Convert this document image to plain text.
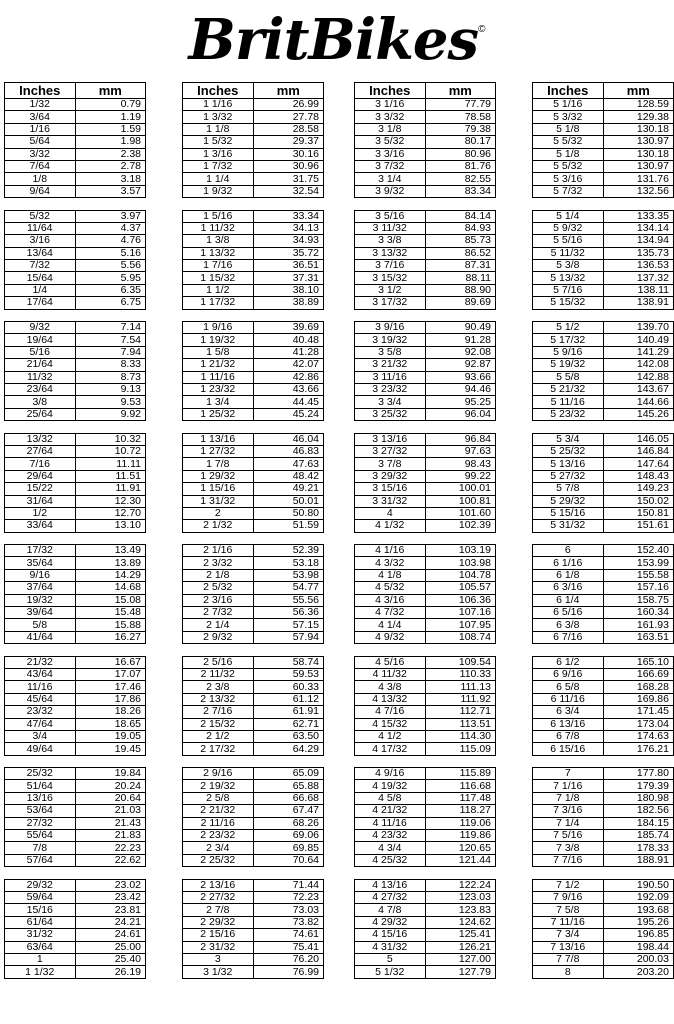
BritBikes$_©$
Inches	mm
1/32	0.79
3/64	1.19
1/16	1.59
5/64	1.98
3/32	2.38
7/64	2.78
1/8	3.18
9/64	3.57

5/32	3.97
11/64	4.37
3/16	4.76
13/64	5.16
7/32	5.56
15/64	5.95
1/4	6.35
17/64	6.75

9/32	7.14
19/64	7.54
5/16	7.94
21/64	8.33
11/32	8.73
23/64	9.13
3/8	9.53
25/64	9.92

13/32	10.32
27/64	10.72
7/16	11.11
29/64	11.51
15/22	11.91
31/64	12.30
1/2	12.70
33/64	13.10

17/32	13.49
35/64	13.89
9/16	14.29
37/64	14.68
19/32	15.08
39/64	15.48
5/8	15.88
41/64	16.27

21/32	16.67
43/64	17.07
11/16	17.46
45/64	17.86
23/32	18.26
47/64	18.65
3/4	19.05
49/64	19.45

25/32	19.84
51/64	20.24
13/16	20.64
53/64	21.03
27/32	21.43
55/64	21.83
7/8	22.23
57/64	22.62

29/32	23.02
59/64	23.42
15/16	23.81
61/64	24.21
31/32	24.61
63/64	25.00
1	25.40
1 1/32	26.19
Inches	mm
1 1/16	26.99
1 3/32	27.78
1 1/8	28.58
1 5/32	29.37
1 3/16	30.16
1 7/32	30.96
1 1/4	31.75
1 9/32	32.54

1 5/16	33.34
1 11/32	34.13
1 3/8	34.93
1 13/32	35.72
1 7/16	36.51
1 15/32	37.31
1 1/2	38.10
1 17/32	38.89

1 9/16	39.69
1 19/32	40.48
1 5/8	41.28
1 21/32	42.07
1 11/16	42.86
1 23/32	43.66
1 3/4	44.45
1 25/32	45.24

1 13/16	46.04
1 27/32	46.83
1 7/8	47.63
1 29/32	48.42
1 15/16	49.21
1 31/32	50.01
2	50.80
2 1/32	51.59

2 1/16	52.39
2 3/32	53.18
2 1/8	53.98
2 5/32	54.77
2 3/16	55.56
2 7/32	56.36
2 1/4	57.15
2 9/32	57.94

2 5/16	58.74
2 11/32	59.53
2 3/8	60.33
2 13/32	61.12
2 7/16	61.91
2 15/32	62.71
2 1/2	63.50
2 17/32	64.29

2 9/16	65.09
2 19/32	65.88
2 5/8	66.68
2 21/32	67.47
2 11/16	68.26
2 23/32	69.06
2 3/4	69.85
2 25/32	70.64

2 13/16	71.44
2 27/32	72.23
2 7/8	73.03
2 29/32	73.82
2 15/16	74.61
2 31/32	75.41
3	76.20
3 1/32	76.99
Inches	mm
3 1/16	77.79
3 3/32	78.58
3 1/8	79.38
3 5/32	80.17
3 3/16	80.96
3 7/32	81.76
3 1/4	82.55
3 9/32	83.34

3 5/16	84.14
3 11/32	84.93
3 3/8	85.73
3 13/32	86.52
3 7/16	87.31
3 15/32	88.11
3 1/2	88.90
3 17/32	89.69

3 9/16	90.49
3 19/32	91.28
3 5/8	92.08
3 21/32	92.87
3 11/16	93.66
3 23/32	94.46
3 3/4	95.25
3 25/32	96.04

3 13/16	96.84
3 27/32	97.63
3 7/8	98.43
3 29/32	99.22
3 15/16	100.01
3 31/32	100.81
4	101.60
4 1/32	102.39

4 1/16	103.19
4 3/32	103.98
4 1/8	104.78
4 5/32	105.57
4 3/16	106.36
4 7/32	107.16
4 1/4	107.95
4 9/32	108.74

4 5/16	109.54
4 11/32	110.33
4 3/8	111.13
4 13/32	111.92
4 7/16	112.71
4 15/32	113.51
4 1/2	114.30
4 17/32	115.09

4 9/16	115.89
4 19/32	116.68
4 5/8	117.48
4 21/32	118.27
4 11/16	119.06
4 23/32	119.86
4 3/4	120.65
4 25/32	121.44

4 13/16	122.24
4 27/32	123.03
4 7/8	123.83
4 29/32	124.62
4 15/16	125.41
4 31/32	126.21
5	127.00
5 1/32	127.79
Inches	mm
5 1/16	128.59
5 3/32	129.38
5 1/8	130.18
5 5/32	130.97
5 1/8	130.18
5 5/32	130.97
5 3/16	131.76
5 7/32	132.56

5 1/4	133.35
5 9/32	134.14
5 5/16	134.94
5 11/32	135.73
5 3/8	136.53
5 13/32	137.32
5 7/16	138.11
5 15/32	138.91

5 1/2	139.70
5 17/32	140.49
5 9/16	141.29
5 19/32	142.08
5 5/8	142.88
5 21/32	143.67
5 11/16	144.66
5 23/32	145.26

5 3/4	146.05
5 25/32	146.84
5 13/16	147.64
5 27/32	148.43
5 7/8	149.23
5 29/32	150.02
5 15/16	150.81
5 31/32	151.61

6	152.40
6 1/16	153.99
6 1/8	155.58
6 3/16	157.16
6 1/4	158.75
6 5/16	160.34
6 3/8	161.93
6 7/16	163.51

6 1/2	165.10
6 9/16	166.69
6 5/8	168.28
6 11/16	169.86
6 3/4	171.45
6 13/16	173.04
6 7/8	174.63
6 15/16	176.21

7	177.80
7 1/16	179.39
7 1/8	180.98
7 3/16	182.56
7 1/4	184.15
7 5/16	185.74
7 3/8	178.33
7 7/16	188.91

7 1/2	190.50
7 9/16	192.09
7 5/8	193.68
7 11/16	195.26
7 3/4	196.85
7 13/16	198.44
7 7/8	200.03
8	203.20
